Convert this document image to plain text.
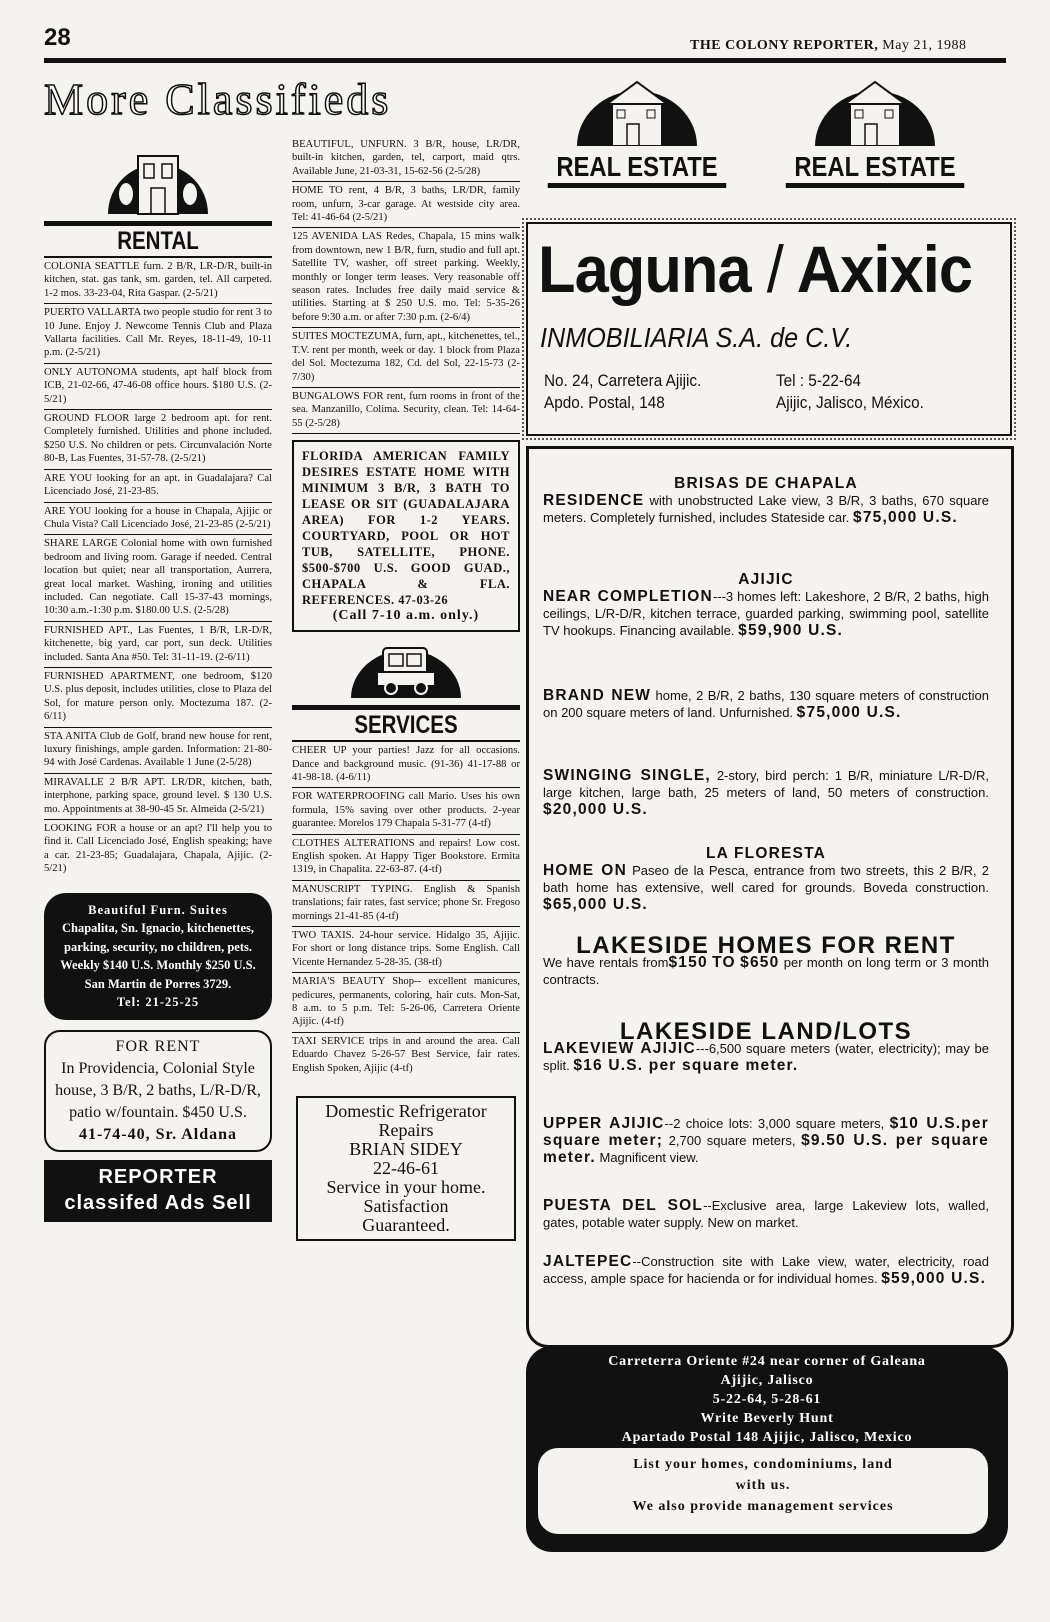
28	THE COLONY REPORTER, May 21, 1988
More Classifieds
RENTAL
COLONIA SEATTLE furn. 2 B/R, LR-D/R, built-in kitchen, stat. gas tank, sm. garden, tel. All carpeted. 1-2 mos. 33-23-04, Rita Gaspar. (2-5/21)
PUERTO VALLARTA two people studio for rent 3 to 10 June. Enjoy J. Newcome Tennis Club and Plaza Vallarta facilities. Call Mr. Reyes, 18-11-49, 10-11 p.m. (2-5/21)
ONLY AUTONOMA students, apt half block from ICB, 21-02-66, 47-46-08 office hours. $180 U.S. (2-5/21)
GROUND FLOOR large 2 bedroom apt. for rent. Completely furnished. Utilities and phone included. $250 U.S. No children or pets. Circunvalación Norte 80-B, Las Fuentes, 31-57-78. (2-5/21)
ARE YOU looking for an apt. in Guadalajara? Cal Licenciado José, 21-23-85.
ARE YOU looking for a house in Chapala, Ajijic or Chula Vista? Call Licenciado José, 21-23-85 (2-5/21)
SHARE LARGE Colonial home with own furnished bedroom and living room. Garage if needed. Central location but quiet; near all transportation, Aurrera, great local market. Washing, ironing and utilities included. Can negotiate. Call 15-37-43 mornings, 10:30 a.m.-1:30 p.m. $180.00 U.S. (2-5/28)
FURNISHED APT., Las Fuentes, 1 B/R, LR-D/R, kitchenette, big yard, car port, sun deck. Utilities included. Santa Ana #50. Tel: 31-11-19. (2-6/11)
FURNISHED APARTMENT, one bedroom, $120 U.S. plus deposit, includes utilities, close to Plaza del Sol, for mature person only. Moctezuma 187. (2-6/11)
STA ANITA Club de Golf, brand new house for rent, luxury finishings, ample garden. Information: 21-80-94 with José Cardenas. Available 1 June (2-5/28)
MIRAVALLE 2 B/R APT. LR/DR, kitchen, bath, interphone, parking space, ground level. $ 130 U.S. mo. Appointments at 38-90-45 Sr. Almeida (2-5/21)
LOOKING FOR a house or an apt? I'll help you to find it. Call Licenciado José, English speaking; have a car. 21-23-85; Guadalajara, Chapala, Ajijic. (2-5/21)
Beautiful Furn. Suites
Chapalita, Sn. Ignacio, kitchenettes, parking, security, no children, pets. Weekly $140 U.S. Monthly $250 U.S. San Martin de Porres 3729.
Tel: 21-25-25
FOR RENT
In Providencia, Colonial Style house, 3 B/R, 2 baths, L/R-D/R, patio w/fountain. $450 U.S.
41-74-40, Sr. Aldana
REPORTER
classifed Ads Sell
BEAUTIFUL, UNFURN. 3 B/R, house, LR/DR, built-in kitchen, garden, tel, carport, maid qtrs. Available June, 21-03-31, 15-62-56 (2-5/28)
HOME TO rent, 4 B/R, 3 baths, LR/DR, family room, unfurn, 3-car garage. At westside city area. Tel: 41-46-64 (2-5/21)
125 AVENIDA LAS Redes, Chapala, 15 mins walk from downtown, new 1 B/R, furn, studio and full apt. Satellite TV, washer, off street parking. Weekly, monthly or longer term leases. Very reasonable off season rates. Includes free daily maid service & utilities. Starting at $ 250 U.S. mo. Tel: 5-35-26 before 9:30 a.m. or after 7:30 p.m. (2-6/4)
SUITES MOCTEZUMA, furn, apt., kitchenettes, tel., T.V. rent per month, week or day. 1 block from Plaza del Sol. Moctezuma 182, Cd. del Sol, 22-15-73 (2-7/30)
BUNGALOWS FOR rent, furn rooms in front of the sea. Manzanillo, Colima. Security, clean. Tel: 14-64-55 (2-5/28)
FLORIDA AMERICAN FAMILY DESIRES ESTATE HOME WITH MINIMUM 3 B/R, 3 BATH TO LEASE OR SIT (GUADALAJARA AREA) FOR 1-2 YEARS. COURTYARD, POOL OR HOT TUB, SATELLITE, PHONE. $500-$700 U.S. GOOD GUAD., CHAPALA & FLA. REFERENCES. 47-03-26
(Call 7-10 a.m. only.)
SERVICES
CHEER UP your parties! Jazz for all occasions. Dance and background music. (91-36) 41-17-88 or 41-98-18. (4-6/11)
FOR WATERPROOFING call Mario. Uses his own formula, 15% saving over other products. 2-year guarantee. Morelos 179 Chapala 5-31-77 (4-tf)
CLOTHES ALTERATIONS and repairs! Low cost. English spoken. At Happy Tiger Bookstore. Ermita 1319, in Chapalita. 22-63-87. (4-tf)
MANUSCRIPT TYPING. English & Spanish translations; fair rates, fast service; phone Sr. Fregoso mornings 21-41-85 (4-tf)
TWO TAXIS. 24-hour service. Hidalgo 35, Ajijic. For short or long distance trips. Some English. Call Vicente Hernandez 5-28-35. (38-tf)
MARIA'S BEAUTY Shop-- excellent manicures, pedicures, permanents, coloring, hair cuts. Mon-Sat, 8 a.m. to 5 p.m. Tel: 5-26-06, Carretera Oriente Ajijic. (4-tf)
TAXI SERVICE trips in and around the area. Call Eduardo Chavez 5-26-57 Best Service, fair rates. English Spoken, Ajijic (4-tf)
Domestic Refrigerator
Repairs
BRIAN SIDEY
22-46-61
Service in your home.
Satisfaction
Guaranteed.
REAL ESTATE	REAL ESTATE
Laguna / Axixic
INMOBILIARIA S.A. de C.V.
No. 24, Carretera Ajijic.
Apdo. Postal, 148
Tel : 5-22-64
Ajijic, Jalisco, México.
BRISAS DE CHAPALA
RESIDENCE with unobstructed Lake view, 3 B/R, 3 baths, 670 square meters. Completely furnished, includes Stateside car. $75,000 U.S.
AJIJIC
NEAR COMPLETION---3 homes left: Lakeshore, 2 B/R, 2 baths, high ceilings, L/R-D/R, kitchen terrace, guarded parking, swimming pool, satellite TV hookups. Financing available. $59,900 U.S.
BRAND NEW home, 2 B/R, 2 baths, 130 square meters of construction on 200 square meters of land. Unfurnished. $75,000 U.S.
SWINGING SINGLE, 2-story, bird perch: 1 B/R, miniature L/R-D/R, large kitchen, large bath, 25 meters of land, 50 meters of construction. $20,000 U.S.
LA FLORESTA
HOME ON Paseo de la Pesca, entrance from two streets, this 2 B/R, 2 bath home has extensive, well cared for grounds. Boveda construction. $65,000 U.S.
LAKESIDE HOMES FOR RENT
We have rentals from$150 TO $650 per month on long term or 3 month contracts.
LAKESIDE LAND/LOTS
LAKEVIEW AJIJIC---6,500 square meters (water, electricity); may be split. $16 U.S. per square meter.
UPPER AJIJIC--2 choice lots: 3,000 square meters, $10 U.S.per square meter; 2,700 square meters, $9.50 U.S. per square meter. Magnificent view.
PUESTA DEL SOL--Exclusive area, large Lakeview lots, walled, gates, potable water supply. New on market.
JALTEPEC--Construction site with Lake view, water, electricity, road access, ample space for hacienda or for individual homes. $59,000 U.S.
Carreterra Oriente #24 near corner of Galeana
Ajijic, Jalisco
5-22-64, 5-28-61
Write Beverly Hunt
Apartado Postal 148 Ajijic, Jalisco, Mexico
List your homes, condominiums, land
with us.
We also provide management services
